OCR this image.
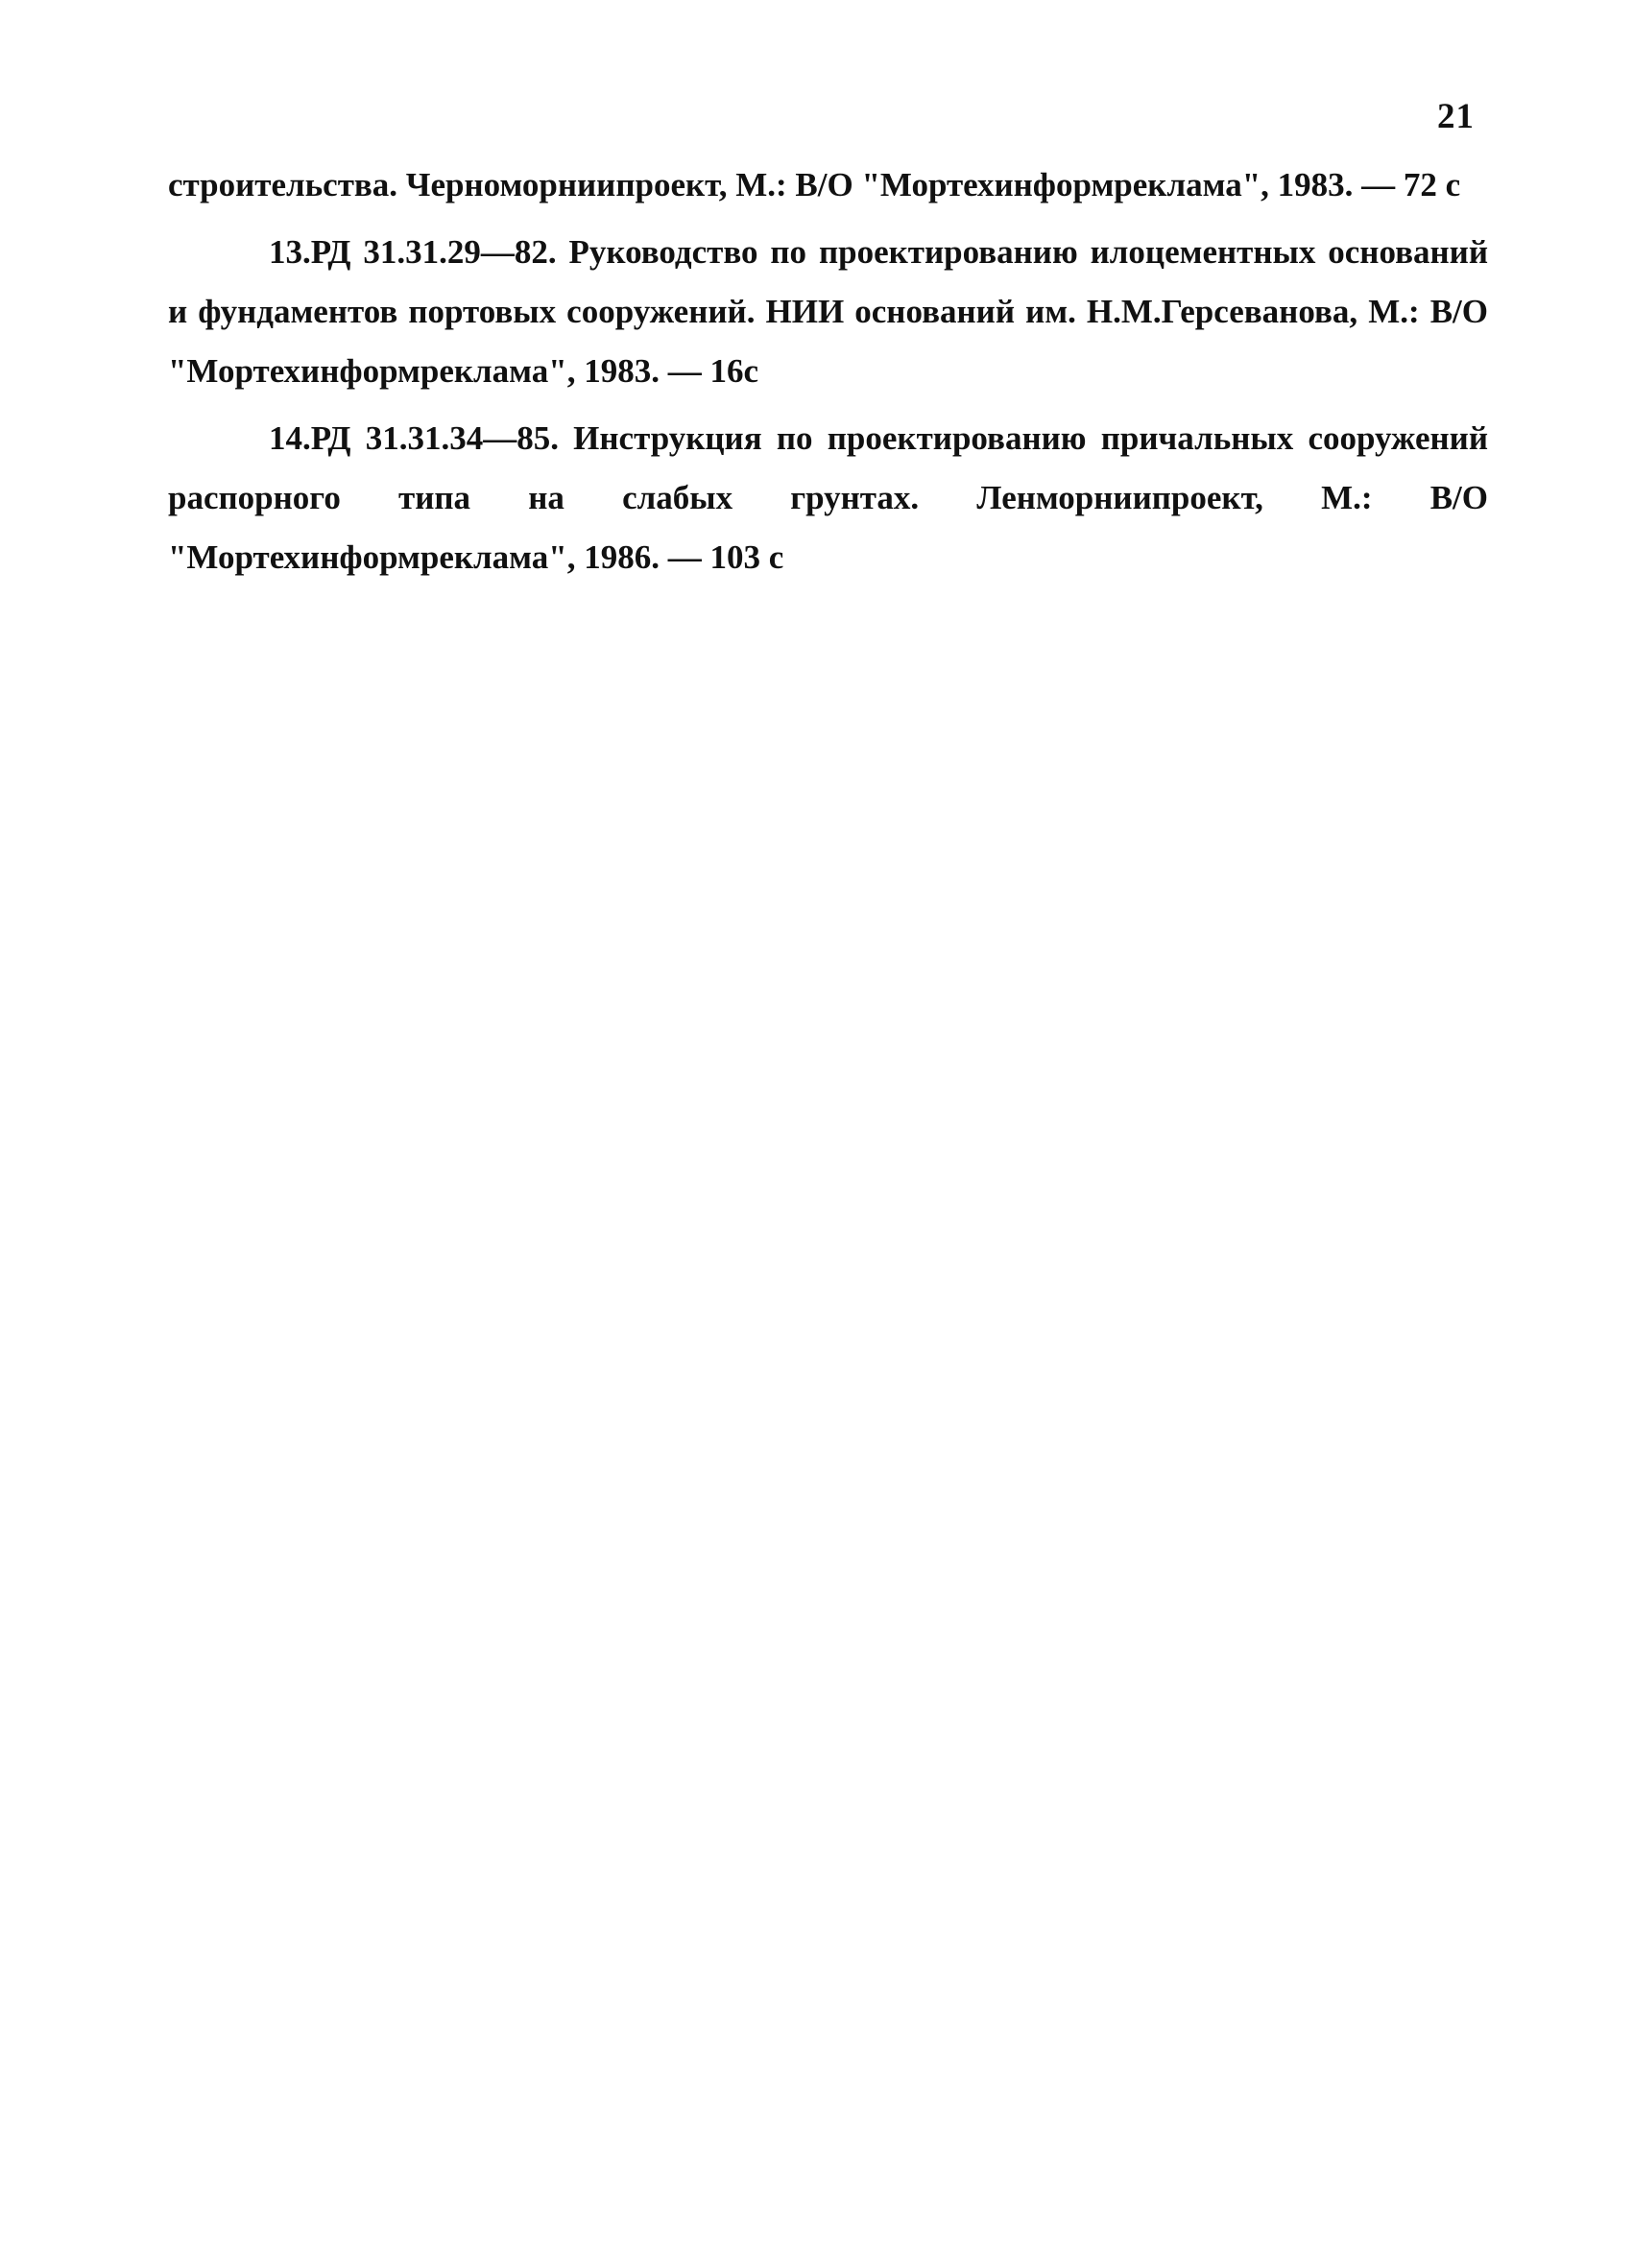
21

строительства. Черноморниипроект, М.: В/О "Мортехинформреклама", 1983. — 72 с

13.РД 31.31.29—82. Руководство по проектированию илоцементных оснований и фундаментов портовых сооружений. НИИ оснований им. Н.М.Герсеванова, М.: В/О "Мортехинформреклама", 1983. — 16с

14.РД 31.31.34—85. Инструкция по проектированию причальных сооружений распорного типа на слабых грунтах. Ленморниипроект, М.: В/О "Мортехинформреклама", 1986. — 103 с
